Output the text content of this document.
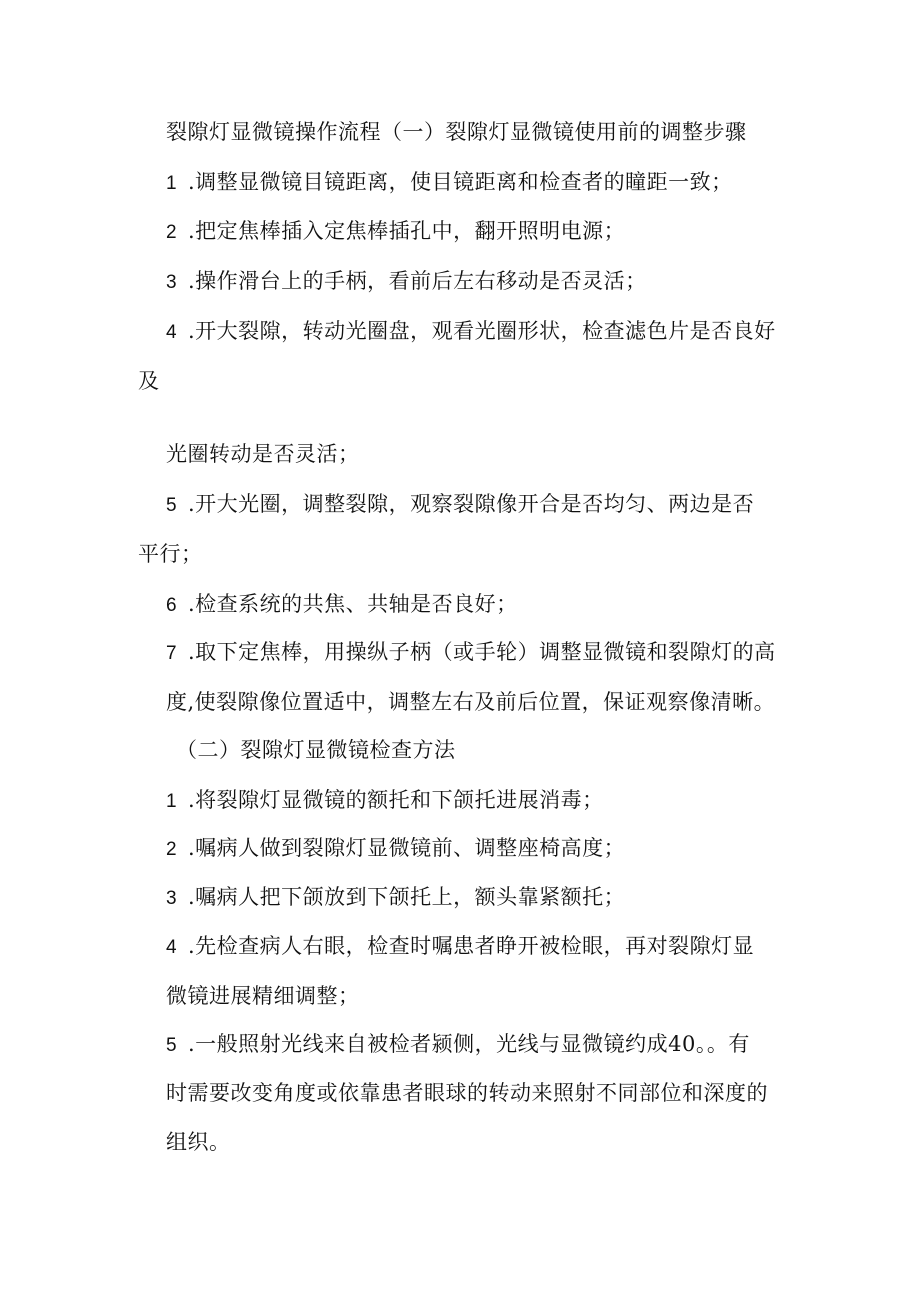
裂隙灯显微镜操作流程（一）裂隙灯显微镜使用前的调整步骤
1 .调整显微镜目镜距离，使目镜距离和检查者的瞳距一致；
2 .把定焦棒插入定焦棒插孔中，翻开照明电源；
3 .操作滑台上的手柄，看前后左右移动是否灵活；
4 .开大裂隙，转动光圈盘，观看光圈形状，检查滤色片是否良好
及
光圈转动是否灵活；
5 .开大光圈，调整裂隙，观察裂隙像开合是否均匀、两边是否
平行；
6 .检查系统的共焦、共轴是否良好；
7 .取下定焦棒，用操纵子柄（或手轮）调整显微镜和裂隙灯的高
度,使裂隙像位置适中，调整左右及前后位置，保证观察像清晰。
（二）裂隙灯显微镜检查方法
1 .将裂隙灯显微镜的额托和下颌托进展消毒；
2 .嘱病人做到裂隙灯显微镜前、调整座椅高度；
3 .嘱病人把下颌放到下颌托上，额头靠紧额托；
4 .先检查病人右眼，检查时嘱患者睁开被检眼，再对裂隙灯显
微镜进展精细调整；
5 .一般照射光线来自被检者颍侧，光线与显微镜约成40。。有
时需要改变角度或依靠患者眼球的转动来照射不同部位和深度的
组织。
